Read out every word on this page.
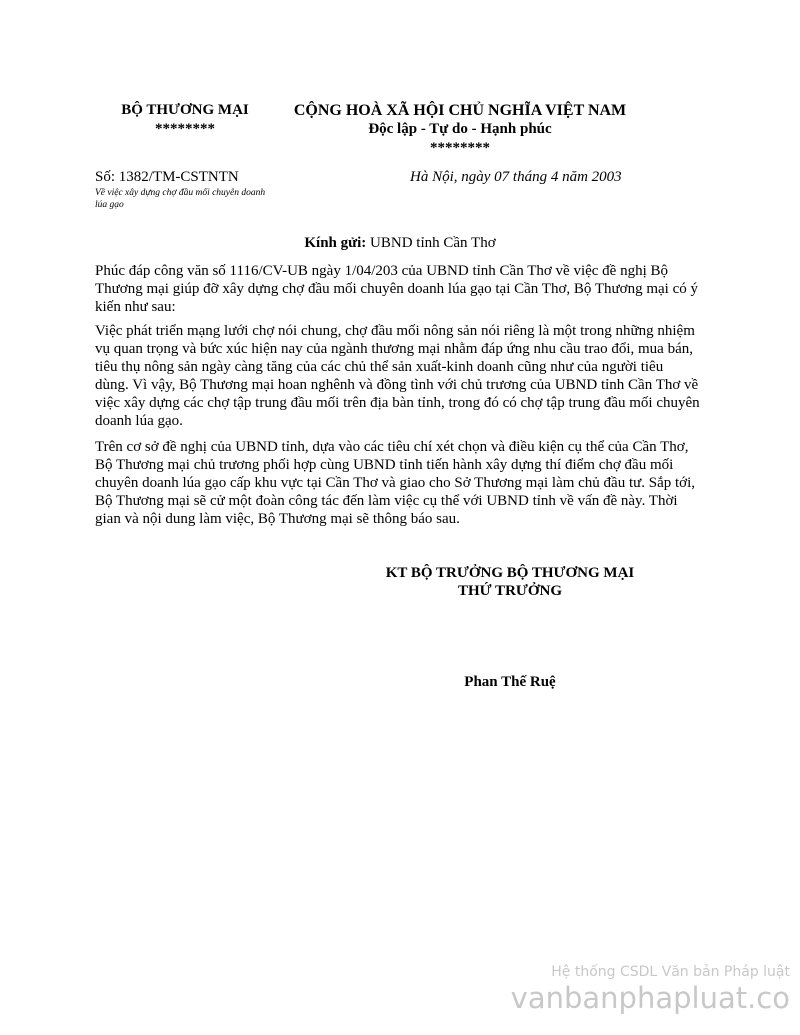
BỘ THƯƠNG MẠI
********
CỘNG HOÀ XÃ HỘI CHỦ NGHĨA VIỆT NAM
Độc lập - Tự do - Hạnh phúc
********
Số: 1382/TM-CSTNTN
Về việc xây dựng chợ đầu mối chuyên doanh lúa gạo
Hà Nội, ngày 07 tháng 4 năm 2003
Kính gửi: UBND tỉnh Cần Thơ

Phúc đáp công văn số 1116/CV-UB ngày 1/04/203 của UBND tỉnh Cần Thơ về việc đề nghị Bộ Thương mại giúp đỡ xây dựng chợ đầu mối chuyên doanh lúa gạo tại Cần Thơ, Bộ Thương mại có ý kiến như sau:

Việc phát triển mạng lưới chợ nói chung, chợ đầu mối nông sản nói riêng là một trong những nhiệm vụ quan trọng và bức xúc hiện nay của ngành thương mại nhằm đáp ứng nhu cầu trao đổi, mua bán, tiêu thụ nông sản ngày càng tăng của các chủ thể sản xuất-kinh doanh cũng như của người tiêu dùng. Vì vậy, Bộ Thương mại hoan nghênh và đồng tình với chủ trương của UBND tỉnh Cần Thơ về việc xây dựng các chợ tập trung đầu mối trên địa bàn tỉnh, trong đó có chợ tập trung đầu mối chuyên doanh lúa gạo.

Trên cơ sở đề nghị của UBND tỉnh, dựa vào các tiêu chí xét chọn và điều kiện cụ thể của Cần Thơ, Bộ Thương mại chủ trương phối hợp cùng UBND tỉnh tiến hành xây dựng thí điểm chợ đầu mối chuyên doanh lúa gạo cấp khu vực tại Cần Thơ và giao cho Sở Thương mại làm chủ đầu tư. Sắp tới, Bộ Thương mại sẽ cử một đoàn công tác đến làm việc cụ thể với UBND tỉnh về vấn đề này. Thời gian và nội dung làm việc, Bộ Thương mại sẽ thông báo sau.

KT BỘ TRƯỞNG BỘ THƯƠNG MẠI
THỨ TRƯỞNG
Phan Thế Ruệ
Hệ thống CSDL Văn bản Pháp luật
vanbanphapluat.co
